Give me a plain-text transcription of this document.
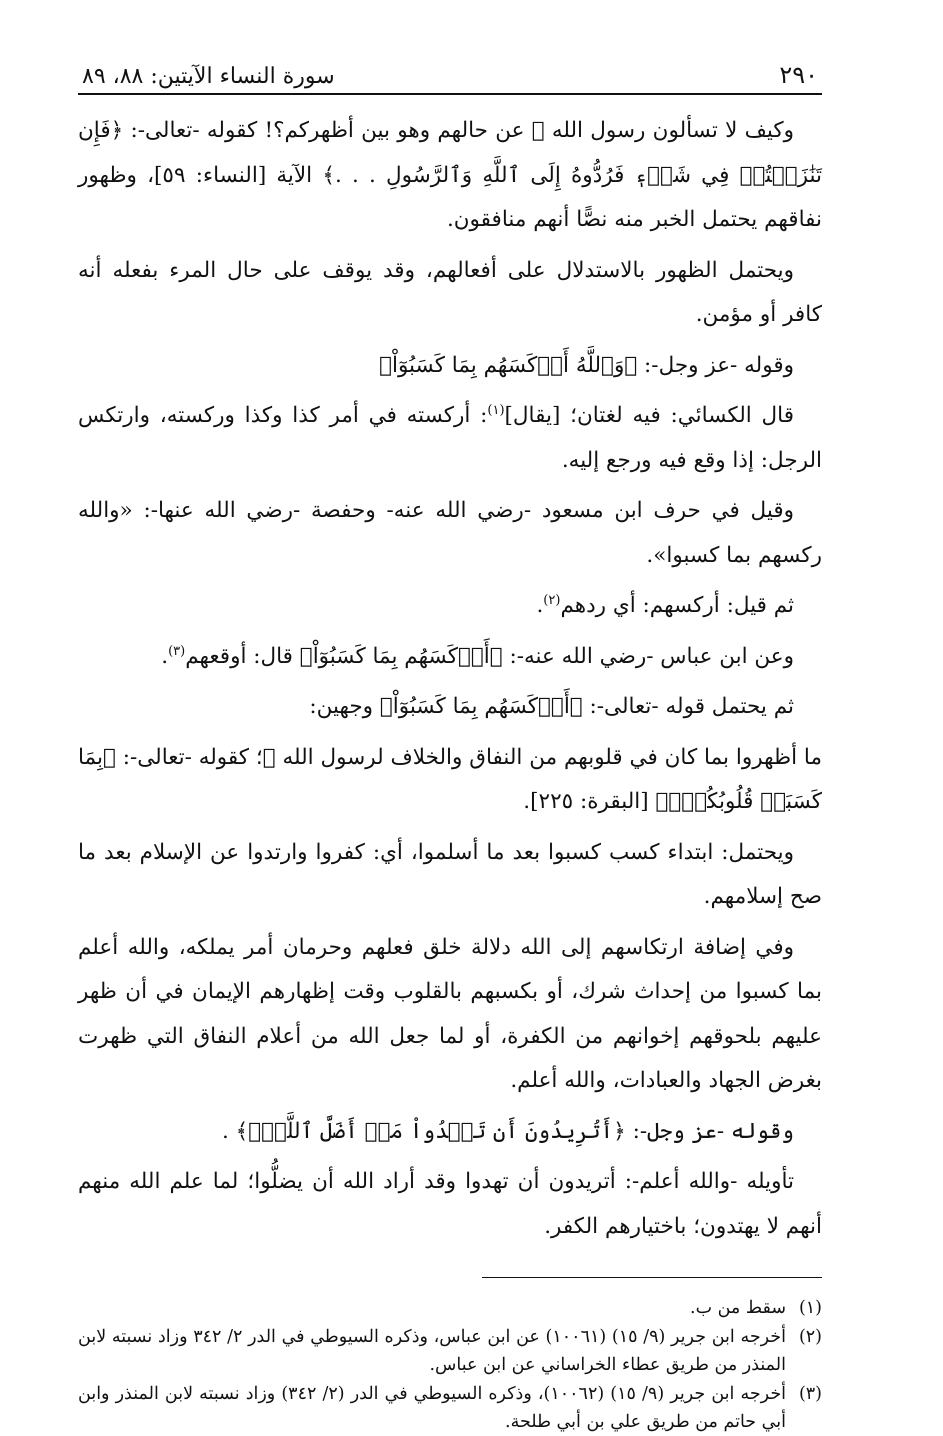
٢٩٠
سورة النساء الآيتين: ٨٨، ٨٩

وكيف لا تسألون رسول الله ﷺ عن حالهم وهو بين أظهركم؟! كقوله -تعالى-: ﴿فَإِن تَنَٰزَعۡتُمۡ فِي شَيۡءٖ فَرُدُّوهُ إِلَى ٱللَّهِ وَٱلرَّسُولِ . . .﴾ الآية [النساء: ٥٩]، وظهور نفاقهم يحتمل الخبر منه نصًّا أنهم منافقون.

ويحتمل الظهور بالاستدلال على أفعالهم، وقد يوقف على حال المرء بفعله أنه كافر أو مؤمن.

وقوله -عز وجل-: ﴿وَٱللَّهُ أَرۡكَسَهُم بِمَا كَسَبُوٓاْ﴾

قال الكسائي: فيه لغتان؛ [يقال]$^{(١)}$: أركسته في أمر كذا وكذا وركسته، وارتكس الرجل: إذا وقع فيه ورجع إليه.

وقيل في حرف ابن مسعود -رضي الله عنه- وحفصة -رضي الله عنها-: «والله ركسهم بما كسبوا».

ثم قيل: أركسهم: أي ردهم$^{(٢)}$.

وعن ابن عباس -رضي الله عنه-: ﴿أَرۡكَسَهُم بِمَا كَسَبُوٓاْ﴾ قال: أوقعهم$^{(٣)}$.

ثم يحتمل قوله -تعالى-: ﴿أَرۡكَسَهُم بِمَا كَسَبُوٓاْ﴾ وجهين:

ما أظهروا بما كان في قلوبهم من النفاق والخلاف لرسول الله ﷺ؛ كقوله -تعالى-: ﴿بِمَا كَسَبَتۡ قُلُوبُكُمۡۗ﴾ [البقرة: ٢٢٥].

ويحتمل: ابتداء كسب كسبوا بعد ما أسلموا، أي: كفروا وارتدوا عن الإسلام بعد ما صح إسلامهم.

وفي إضافة ارتكاسهم إلى الله دلالة خلق فعلهم وحرمان أمر يملكه، والله أعلم بما كسبوا من إحداث شرك، أو بكسبهم بالقلوب وقت إظهارهم الإيمان في أن ظهر عليهم بلحوقهم إخوانهم من الكفرة، أو لما جعل الله من أعلام النفاق التي ظهرت بغرض الجهاد والعبادات، والله أعلم.

وقوله -عز وجل-: ﴿أَتُرِيدُونَ أَن تَهۡدُواْ مَنۡ أَضَلَّ ٱللَّهُۖ﴾ .

تأويله -والله أعلم-: أتريدون أن تهدوا وقد أراد الله أن يضلُّوا؛ لما علم الله منهم أنهم لا يهتدون؛ باختيارهم الكفر.

(١)
سقط من ب.
(٢)
أخرجه ابن جرير (٩/ ١٥) (١٠٠٦١) عن ابن عباس، وذكره السيوطي في الدر ٢/ ٣٤٢ وزاد نسبته لابن المنذر من طريق عطاء الخراساني عن ابن عباس.
(٣)
أخرجه ابن جرير (٩/ ١٥) (١٠٠٦٢)، وذكره السيوطي في الدر (٢/ ٣٤٢) وزاد نسبته لابن المنذر وابن أبي حاتم من طريق علي بن أبي طلحة.
